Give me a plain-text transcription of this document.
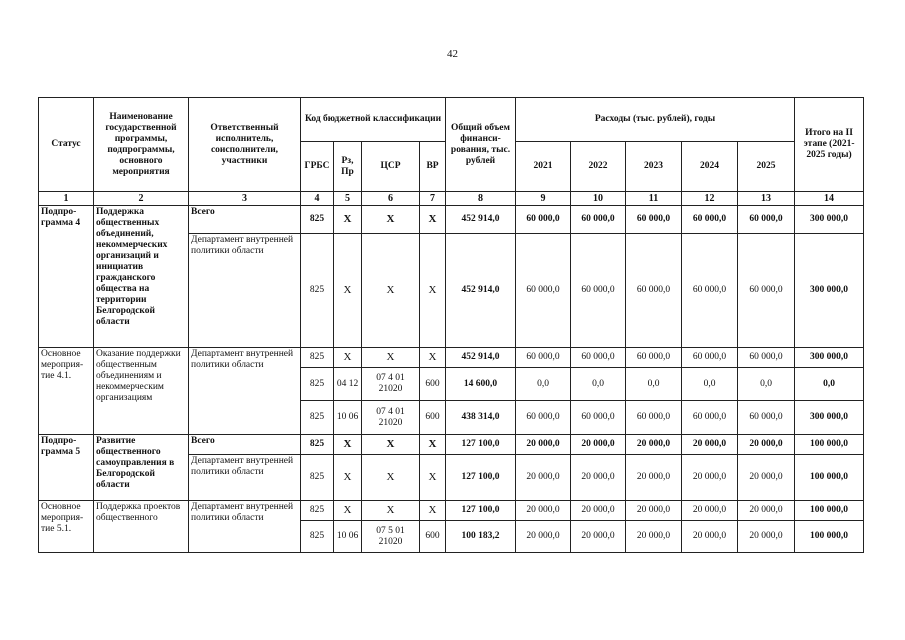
42
Статус	Наименование государственной программы, подпрограммы, основного мероприятия	Ответственный исполнитель, соисполнители, участники	Код бюджетной классификации				Общий объем финанси-рования, тыс. рублей	Расходы (тыс. рублей), годы					Итого на II этапе (2021-2025 годы)
			ГРБС	Рз, Пр	ЦСР	ВР		2021	2022	2023	2024	2025	
1	2	3	4	5	6	7	8	9	10	11	12	13	14
Подпро-грамма 4	Поддержка общественных объединений, некоммерческих организаций и инициатив гражданского общества на территории Белгородской области	Всего	825	Х	Х	Х	452 914,0	60 000,0	60 000,0	60 000,0	60 000,0	60 000,0	300 000,0
		Департамент внутренней политики области	825	Х	Х	Х	452 914,0	60 000,0	60 000,0	60 000,0	60 000,0	60 000,0	300 000,0
Основное мероприя-тие 4.1.	Оказание поддержки общественным объединениям и некоммерческим организациям	Департамент внутренней политики области	825	Х	Х	Х	452 914,0	60 000,0	60 000,0	60 000,0	60 000,0	60 000,0	300 000,0
			825	04 12	07 4 01 21020	600	14 600,0	0,0	0,0	0,0	0,0	0,0	0,0
			825	10 06	07 4 01 21020	600	438 314,0	60 000,0	60 000,0	60 000,0	60 000,0	60 000,0	300 000,0
Подпро-грамма 5	Развитие общественного самоуправления в Белгородской области	Всего	825	Х	Х	Х	127 100,0	20 000,0	20 000,0	20 000,0	20 000,0	20 000,0	100 000,0
		Департамент внутренней политики области	825	Х	Х	Х	127 100,0	20 000,0	20 000,0	20 000,0	20 000,0	20 000,0	100 000,0
Основное мероприя-тие 5.1.	Поддержка проектов общественного	Департамент внутренней политики области	825	Х	Х	Х	127 100,0	20 000,0	20 000,0	20 000,0	20 000,0	20 000,0	100 000,0
			825	10 06	07 5 01 21020	600	100 183,2	20 000,0	20 000,0	20 000,0	20 000,0	20 000,0	100 000,0
